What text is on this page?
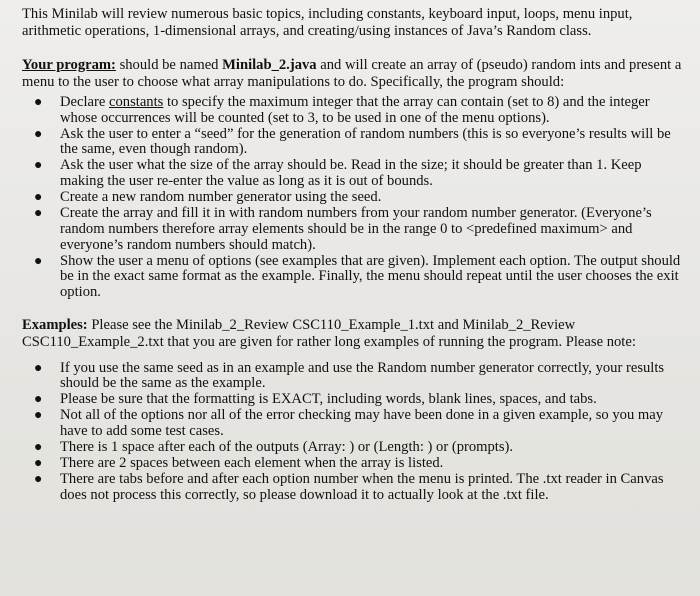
This Minilab will review numerous basic topics, including constants, keyboard input, loops, menu input, arithmetic operations, 1-dimensional arrays, and creating/using instances of Java’s Random class.

Your program: should be named Minilab_2.java and will create an array of (pseudo) random ints and present a menu to the user to choose what array manipulations to do. Specifically, the program should:

● Declare constants to specify the maximum integer that the array can contain (set to 8) and the integer whose occurrences will be counted (set to 3, to be used in one of the menu options).
● Ask the user to enter a “seed” for the generation of random numbers (this is so everyone’s results will be the same, even though random).
● Ask the user what the size of the array should be. Read in the size; it should be greater than 1. Keep making the user re-enter the value as long as it is out of bounds.
● Create a new random number generator using the seed.
● Create the array and fill it in with random numbers from your random number generator. (Everyone’s random numbers therefore array elements should be in the range 0 to <predefined maximum> and everyone’s random numbers should match).
● Show the user a menu of options (see examples that are given). Implement each option. The output should be in the exact same format as the example. Finally, the menu should repeat until the user chooses the exit option.

Examples: Please see the Minilab_2_Review CSC110_Example_1.txt and Minilab_2_Review CSC110_Example_2.txt that you are given for rather long examples of running the program. Please note:

● If you use the same seed as in an example and use the Random number generator correctly, your results should be the same as the example.
● Please be sure that the formatting is EXACT, including words, blank lines, spaces, and tabs.
● Not all of the options nor all of the error checking may have been done in a given example, so you may have to add some test cases.
● There is 1 space after each of the outputs (Array: ) or (Length: ) or (prompts).
● There are 2 spaces between each element when the array is listed.
● There are tabs before and after each option number when the menu is printed. The .txt reader in Canvas does not process this correctly, so please download it to actually look at the .txt file.
